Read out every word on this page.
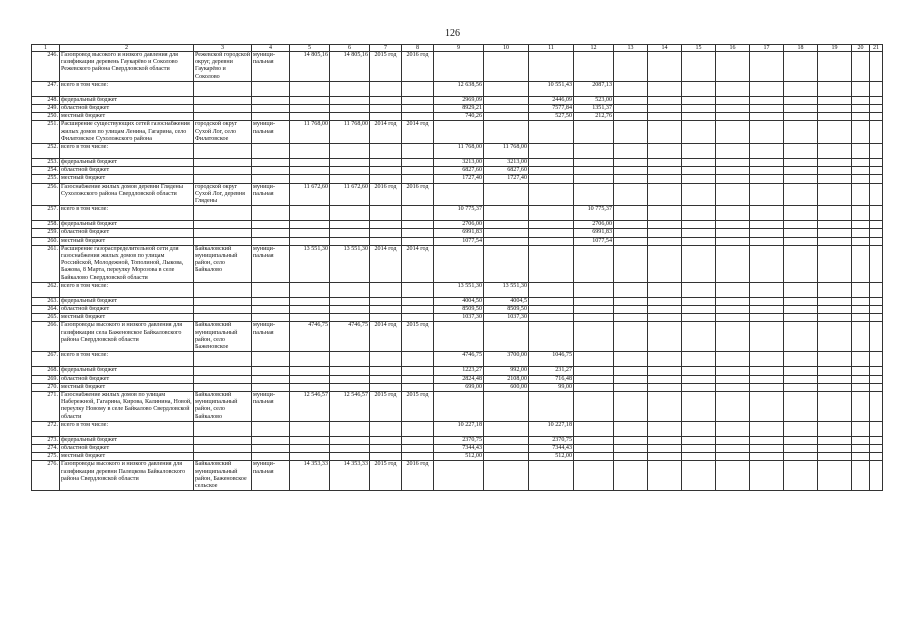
126
1	2	3	4	5	6	7	8	9	10	11	12	13	14	15	16	17	18	19	20	21
246.	Газопровод высокого и низкого давления для газификации деревень Гаукарёво и Соколово Режевского района Свердловской области	Режевской городской округ, деревни Гаукарёво и Соколово	муници-пальная	14 805,16	14 805,16	2015 год	2016 год													
247.	всего в том числе:							12 638,56		10 551,43	2087,13									
248.	федеральный бюджет							2969,09		2446,09	523,00									
249.	областной бюджет							8929,21		7577,84	1351,37									
250.	местный бюджет							740,26		527,50	212,76									
251.	Расширение существующих сетей газоснабжения жилых домов по улицам Ленина, Гагарина, село Филатовское Сухоложского района	городской округ Сухой Лог, село Филатовское	муници-пальная	11 768,00	11 768,00	2014 год	2014 год													
252.	всего в том числе:							11 768,00	11 768,00											
253.	федеральный бюджет							3213,00	3213,00											
254.	областной бюджет							6827,60	6827,60											
255.	местный бюджет							1727,40	1727,40											
256.	Газоснабжение жилых домов деревни Глядены Сухоложского района Свердловской области	городской округ Сухой Лог, деревня Глядены	муници-пальная	11 672,60	11 672,60	2016 год	2016 год													
257.	всего в том числе:							10 775,37			10 775,37									
258.	федеральный бюджет							2706,00			2706,00									
259.	областной бюджет							6991,83			6991,83									
260.	местный бюджет							1077,54			1077,54									
261.	Расширение газораспределительной сети для газоснабжения жилых домов по улицам Российской, Молодежной, Тополиной, Лыкова, Бажова, 8 Марта, переулку Морозова в селе Байкалово Свердловской области	Байкаловский муниципальный район, село Байкалово	муници-пальная	13 551,30	13 551,30	2014 год	2014 год													
262.	всего в том числе:							13 551,30	13 551,30											
263.	федеральный бюджет							4004,50	4004,5											
264.	областной бюджет							8509,50	8509,50											
265.	местный бюджет							1037,30	1037,30											
266.	Газопроводы высокого и низкого давления для газификации села Баженовское Байкаловского района Свердловской области	Байкаловский муниципальный район, село Баженовское	муници-пальная	4746,75	4746,75	2014 год	2015 год													
267.	всего в том числе:							4746,75	3700,00	1046,75										
268.	федеральный бюджет							1223,27	992,00	231,27										
269.	областной бюджет							2824,48	2108,00	716,48										
270.	местный бюджет							699,00	600,00	99,00										
271.	Газоснабжение жилых домов по улицам Набережной, Гагарина, Кирова, Калинина, Новой, переулку Новому в селе Байкалово Свердловской области	Байкаловский муниципальный район, село Байкалово	муници-пальная	12 546,57	12 546,57	2015 год	2015 год													
272.	всего в том числе:							10 227,18		10 227,18										
273.	федеральный бюджет							2370,75		2370,75										
274.	областной бюджет							7344,43		7344,43										
275.	местный бюджет							512,00		512,00										
276.	Газопроводы высокого и низкого давления для газификации деревни Палецкова Байкаловского района Свердловской области	Байкаловский муниципальный район, Баженовское сельское	муници-пальная	14 353,33	14 353,33	2015 год	2016 год													
